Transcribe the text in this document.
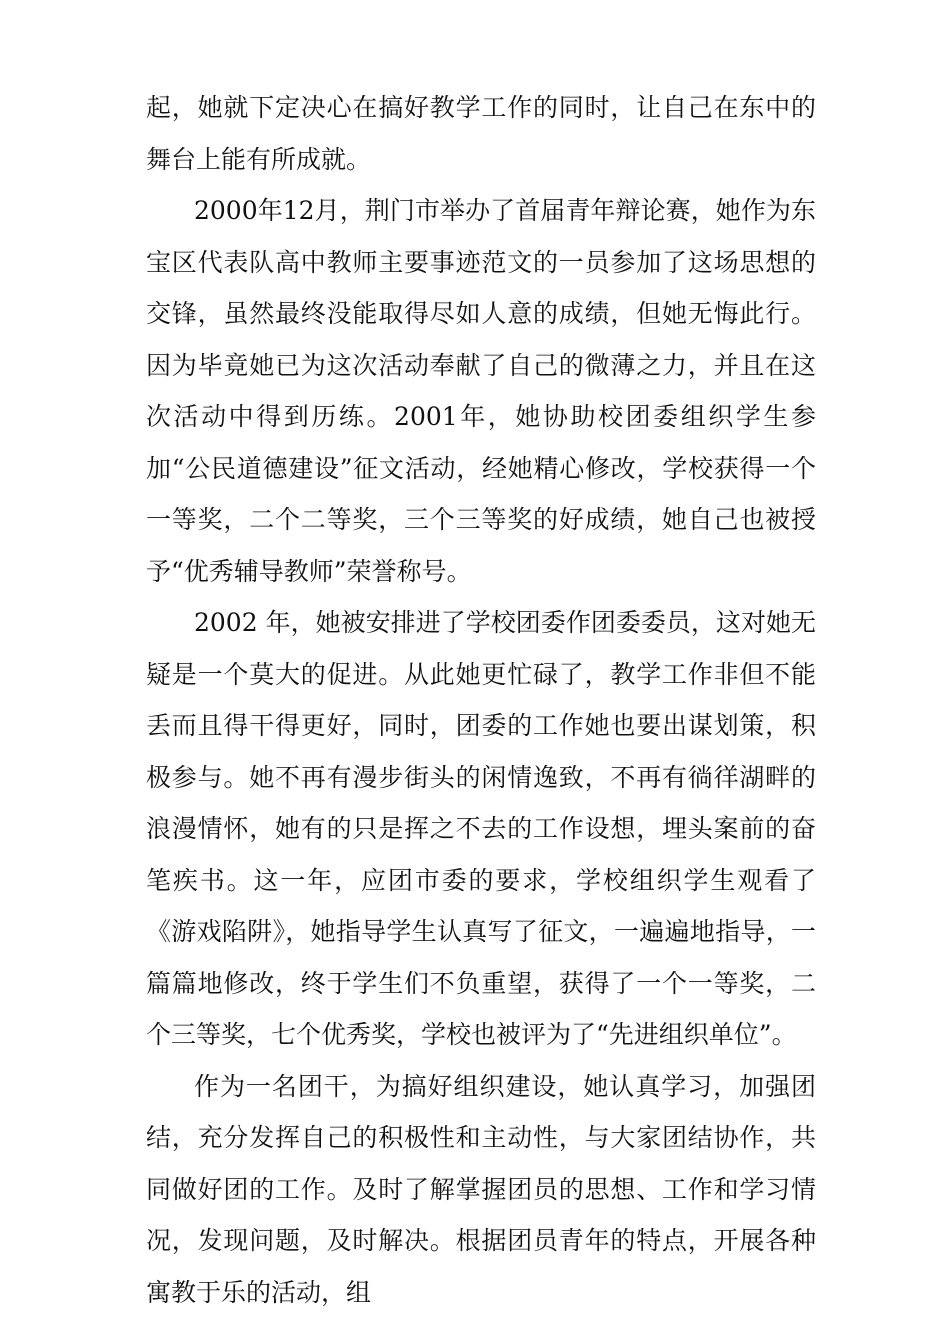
起，她就下定决心在搞好教学工作的同时，让自己在东中的舞台上能有所成就。

2000年12月，荆门市举办了首届青年辩论赛，她作为东宝区代表队高中教师主要事迹范文的一员参加了这场思想的交锋，虽然最终没能取得尽如人意的成绩，但她无悔此行。因为毕竟她已为这次活动奉献了自己的微薄之力，并且在这次活动中得到历练。2001年，她协助校团委组织学生参加“公民道德建设”征文活动，经她精心修改，学校获得一个一等奖，二个二等奖，三个三等奖的好成绩，她自己也被授予“优秀辅导教师”荣誉称号。

2002 年，她被安排进了学校团委作团委委员，这对她无疑是一个莫大的促进。从此她更忙碌了，教学工作非但不能丢而且得干得更好，同时，团委的工作她也要出谋划策，积极参与。她不再有漫步街头的闲情逸致，不再有徜徉湖畔的浪漫情怀，她有的只是挥之不去的工作设想，埋头案前的奋笔疾书。这一年，应团市委的要求，学校组织学生观看了《游戏陷阱》，她指导学生认真写了征文，一遍遍地指导，一篇篇地修改，终于学生们不负重望，获得了一个一等奖，二个三等奖，七个优秀奖，学校也被评为了“先进组织单位”。

作为一名团干，为搞好组织建设，她认真学习，加强团结，充分发挥自己的积极性和主动性，与大家团结协作，共同做好团的工作。及时了解掌握团员的思想、工作和学习情况，发现问题，及时解决。根据团员青年的特点，开展各种寓教于乐的活动，组
